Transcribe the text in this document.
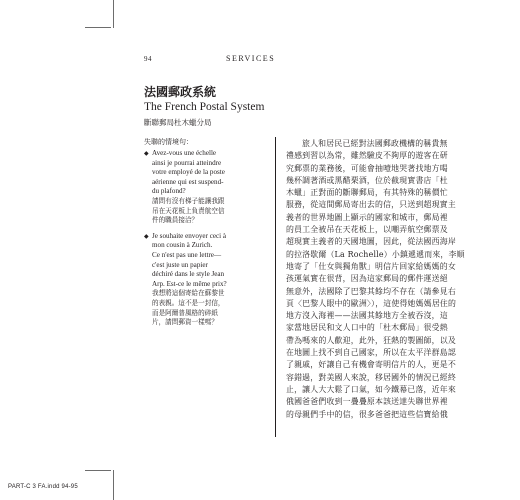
94	SERVICES

法國郵政系統

The French Postal System

斷聯郵局杜木蠟分局

失聯的情境句：

◆ Avez-vous une échelle
ainsi je pourrai atteindre
votre employé de la poste
aérienne qui est suspend-
du plafond?
請問有沒有梯子能讓我跟
吊在天花板上負責航空信
件的職員接洽？
◆ Je souhaite envoyer ceci à
mon cousin à Zurich.
Ce n'est pas une lettre—
c'est juste un papier
déchiré dans le style Jean
Arp. Est-ce le même prix?
我想將這個寄給在蘇黎世
的表親。這不是一封信，
而是阿爾普風格的碎紙
片，請問郵資一樣嗎？

旅人和居民已經對法國郵政機構的稱貴無

禮感到習以為常，雖然驗皮不夠厚的遊客在研

究郵票的業務後，可能會抽噎地哭著找地方喝

幾杯調著酒或黑醋栗酒，位於截現實書店「杜

木蠟」正對面的斷聯郵局，有其特殊的稱價忙

服務，從這間郵局寄出去的信，只送到超現實主

義者的世界地圖上顯示的國家和城市，郵局裡

的員工全被吊在天花板上，以嘲弄航空郵票及

超現實主義者的天國地圖，因此，從法國西海岸

的拉洛歇爾（La Rochelle）小鎮遞遞而來，李順

地寄了「仕女與獨角獸」明信片回家給媽媽的女

孩運氣實在很背，因為這家郵局的郵件運送絕

無意外，法國除了巴黎其餘均不存在（請參見右

頁〈巴黎人眼中的歐洲〉），這使得她媽媽居住的

地方沒入海裡——法國其餘地方全被吞沒，這

家當地居民和文人口中的「杜木郵局」很受熱

帶為嗎來的人歡迎，此外，狂熱的製圖師，以及

在地圖上找不到自己國家，所以在太平洋群島認

了親戚，好讓自己有機會寄明信片的人，更是不

容錯過，對美國人來說，移居國外的情況已經終

止，讓人大大鬆了口氣，如今鐵幕已落，近年來

俄國爸爸們收到一疊疊原本該送達失聯世界裡

的母親們手中的信，很多爸爸把這些信寶給俄

PART-C 3 FA.indd 94-95
